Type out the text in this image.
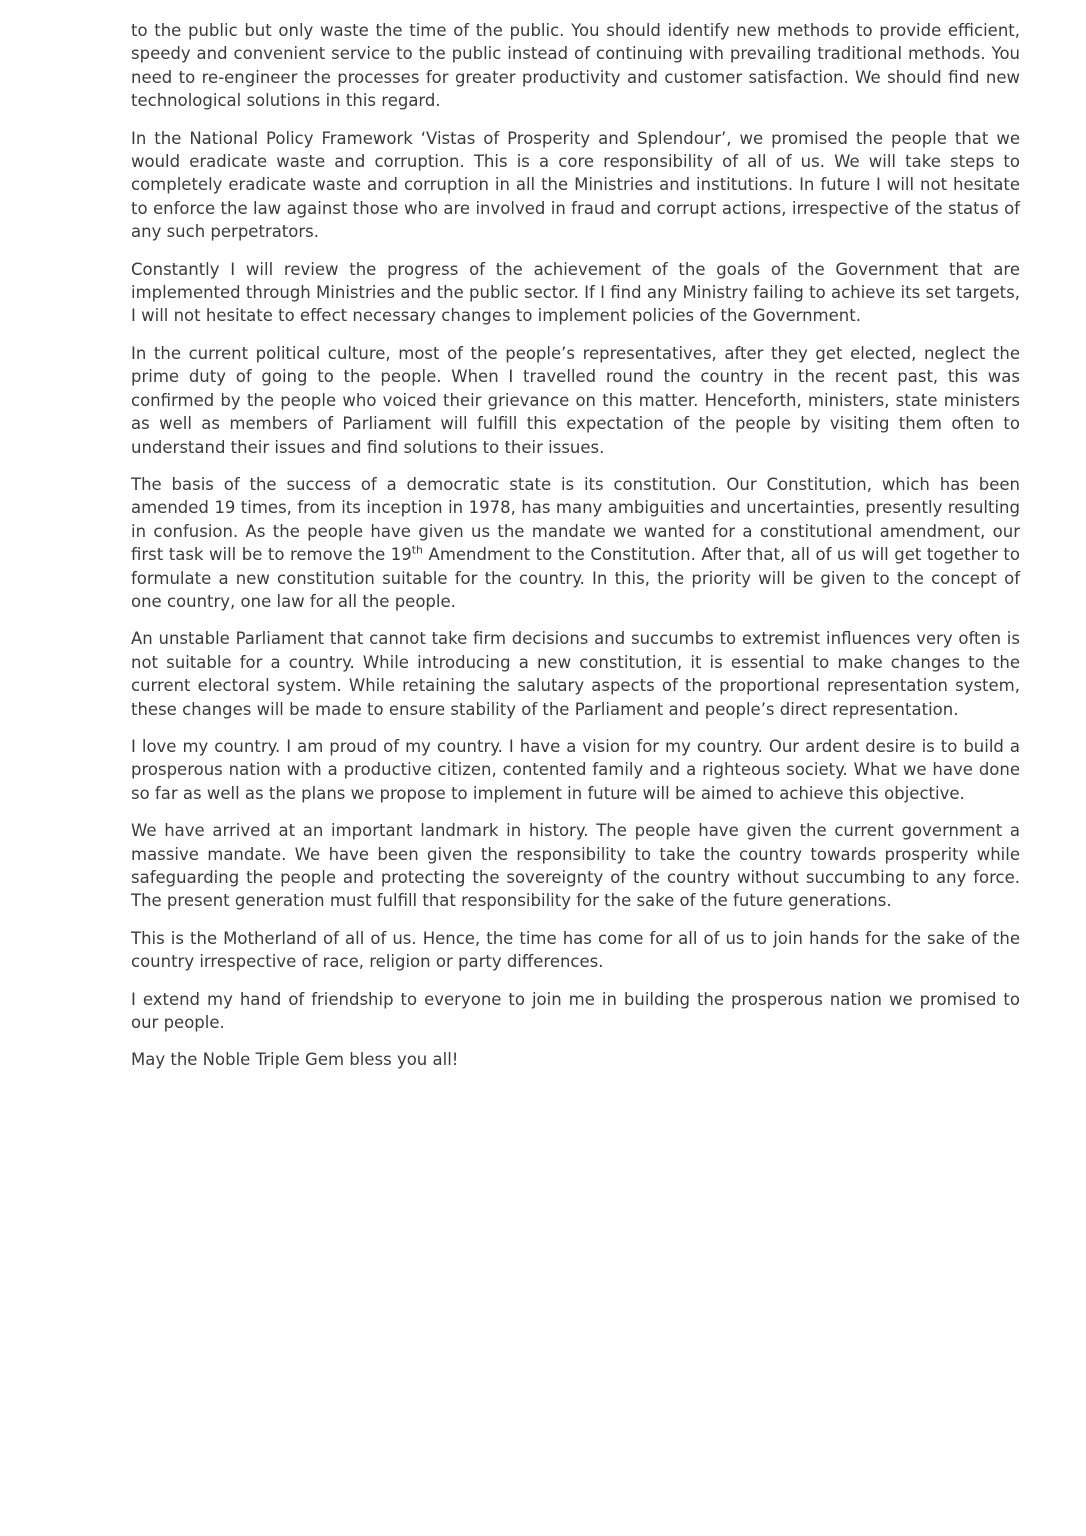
to the public but only waste the time of the public. You should identify new methods to provide efficient, speedy and convenient service to the public instead of continuing with prevailing traditional methods. You need to re-engineer the processes for greater productivity and customer satisfaction. We should find new technological solutions in this regard.

In the National Policy Framework ‘Vistas of Prosperity and Splendour’, we promised the people that we would eradicate waste and corruption. This is a core responsibility of all of us. We will take steps to completely eradicate waste and corruption in all the Ministries and institutions. In future I will not hesitate to enforce the law against those who are involved in fraud and corrupt actions, irrespective of the status of any such perpetrators.

Constantly I will review the progress of the achievement of the goals of the Government that are implemented through Ministries and the public sector. If I find any Ministry failing to achieve its set targets, I will not hesitate to effect necessary changes to implement policies of the Government.

In the current political culture, most of the people’s representatives, after they get elected, neglect the prime duty of going to the people. When I travelled round the country in the recent past, this was confirmed by the people who voiced their grievance on this matter. Henceforth, ministers, state ministers as well as members of Parliament will fulfill this expectation of the people by visiting them often to understand their issues and find solutions to their issues.

The basis of the success of a democratic state is its constitution. Our Constitution, which has been amended 19 times, from its inception in 1978, has many ambiguities and uncertainties, presently resulting in confusion. As the people have given us the mandate we wanted for a constitutional amendment, our first task will be to remove the 19th Amendment to the Constitution. After that, all of us will get together to formulate a new constitution suitable for the country. In this, the priority will be given to the concept of one country, one law for all the people.

An unstable Parliament that cannot take firm decisions and succumbs to extremist influences very often is not suitable for a country. While introducing a new constitution, it is essential to make changes to the current electoral system. While retaining the salutary aspects of the proportional representation system, these changes will be made to ensure stability of the Parliament and people’s direct representation.

I love my country. I am proud of my country. I have a vision for my country. Our ardent desire is to build a prosperous nation with a productive citizen, contented family and a righteous society. What we have done so far as well as the plans we propose to implement in future will be aimed to achieve this objective.

We have arrived at an important landmark in history. The people have given the current government a massive mandate. We have been given the responsibility to take the country towards prosperity while safeguarding the people and protecting the sovereignty of the country without succumbing to any force. The present generation must fulfill that responsibility for the sake of the future generations.

This is the Motherland of all of us. Hence, the time has come for all of us to join hands for the sake of the country irrespective of race, religion or party differences.

I extend my hand of friendship to everyone to join me in building the prosperous nation we promised to our people.

May the Noble Triple Gem bless you all!
